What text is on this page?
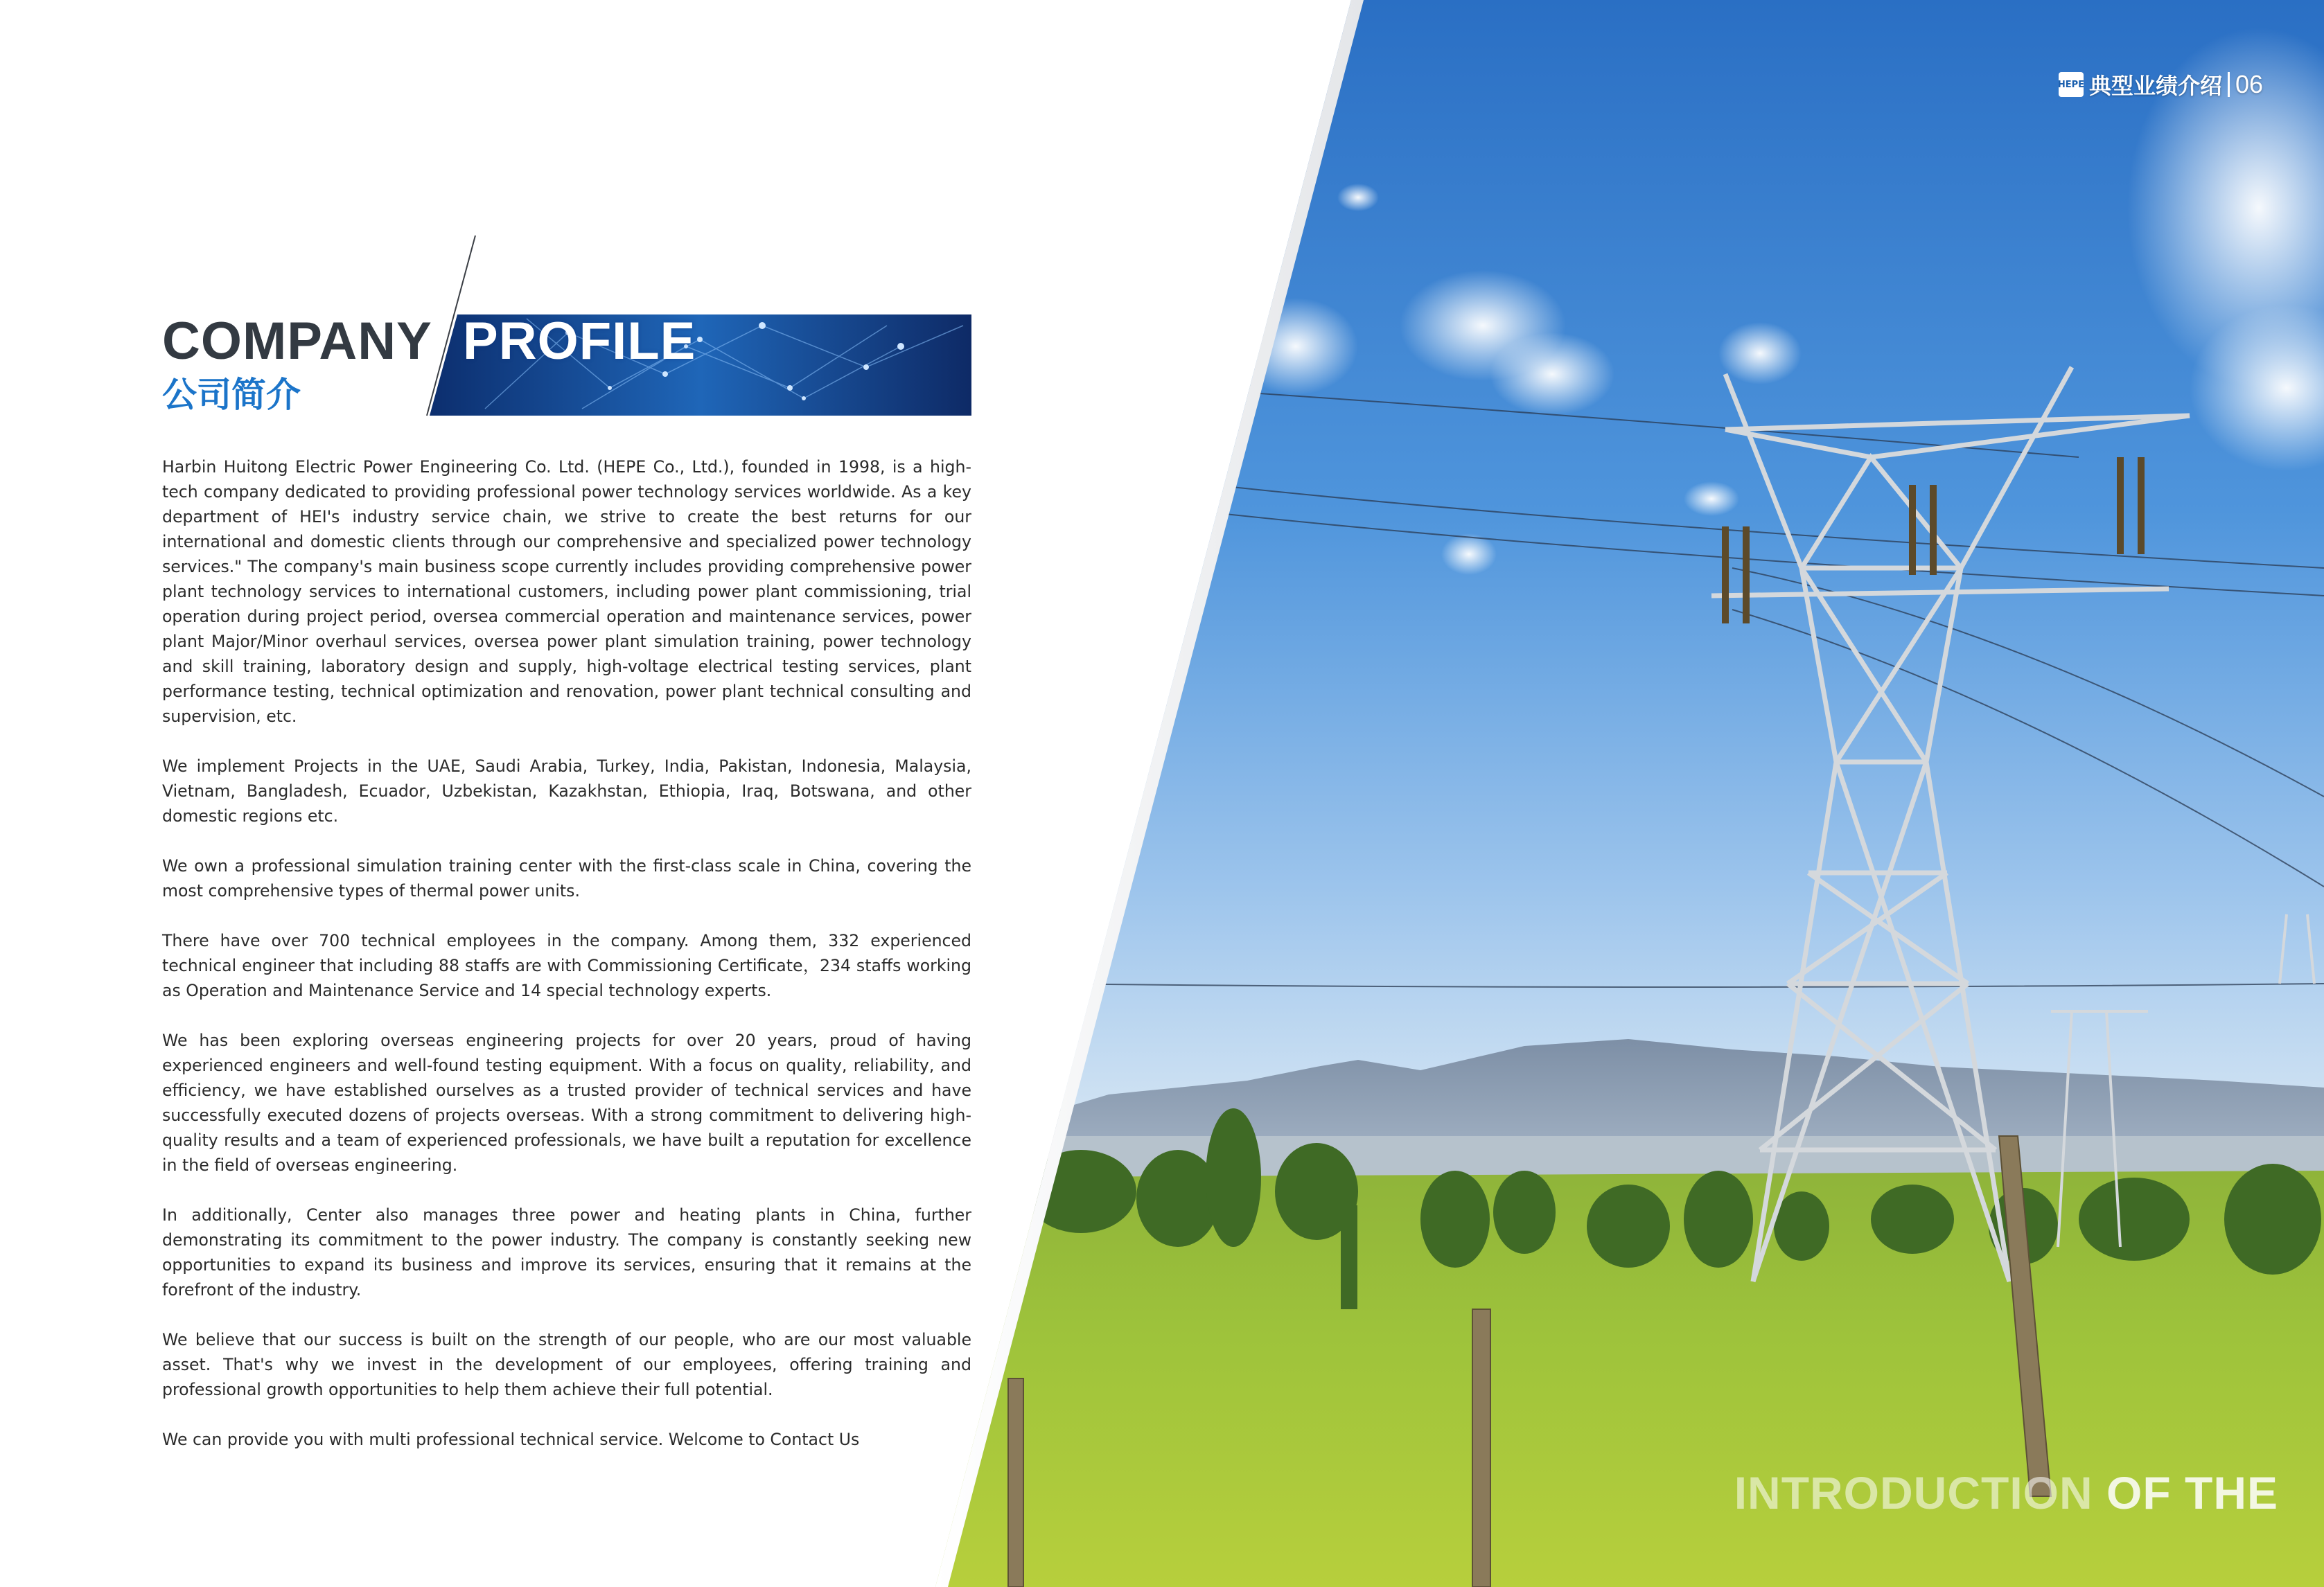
COMPANY PROFILE
公司简介

Harbin Huitong Electric Power Engineering Co. Ltd. (HEPE Co., Ltd.), founded in 1998, is a high-tech company dedicated to providing professional power technology services worldwide. As a key department of HEI's industry service chain, we strive to create the best returns for our international and domestic clients through our comprehensive and specialized power technology services." The company's main business scope currently includes providing comprehensive power plant technology services to international customers, including power plant commissioning, trial operation during project period, oversea commercial operation and maintenance services, power plant Major/Minor overhaul services, oversea power plant simulation training, power technology and skill training, laboratory design and supply, high-voltage electrical testing services, plant performance testing, technical optimization and renovation, power plant technical consulting and supervision, etc.

We implement Projects in the UAE, Saudi Arabia, Turkey, India, Pakistan, Indonesia, Malaysia, Vietnam, Bangladesh, Ecuador, Uzbekistan, Kazakhstan, Ethiopia, Iraq, Botswana, and other domestic regions etc.

We own a professional simulation training center with the first-class scale in China, covering the most comprehensive types of thermal power units.

There have over 700 technical employees in the company. Among them, 332 experienced technical engineer that including 88 staffs are with Commissioning Certificate，234 staffs working as Operation and Maintenance Service and 14 special technology experts.

We has been exploring overseas engineering projects for over 20 years, proud of having experienced engineers and well-found testing equipment. With a focus on quality, reliability, and efficiency, we have established ourselves as a trusted provider of technical services and have successfully executed dozens of projects overseas. With a strong commitment to delivering high-quality results and a team of experienced professionals, we have built a reputation for excellence in the field of overseas engineering.

In additionally, Center also manages three power and heating plants in China, further demonstrating its commitment to the power industry. The company is constantly seeking new opportunities to expand its business and improve its services, ensuring that it remains at the forefront of the industry.

We believe that our success is built on the strength of our people, who are our most valuable asset. That's why we invest in the development of our employees, offering training and professional growth opportunities to help them achieve their full potential.

We can provide you with multi professional technical service. Welcome to Contact Us

HEPE 典型业绩介绍 06
INTRODUCTION OF THE
